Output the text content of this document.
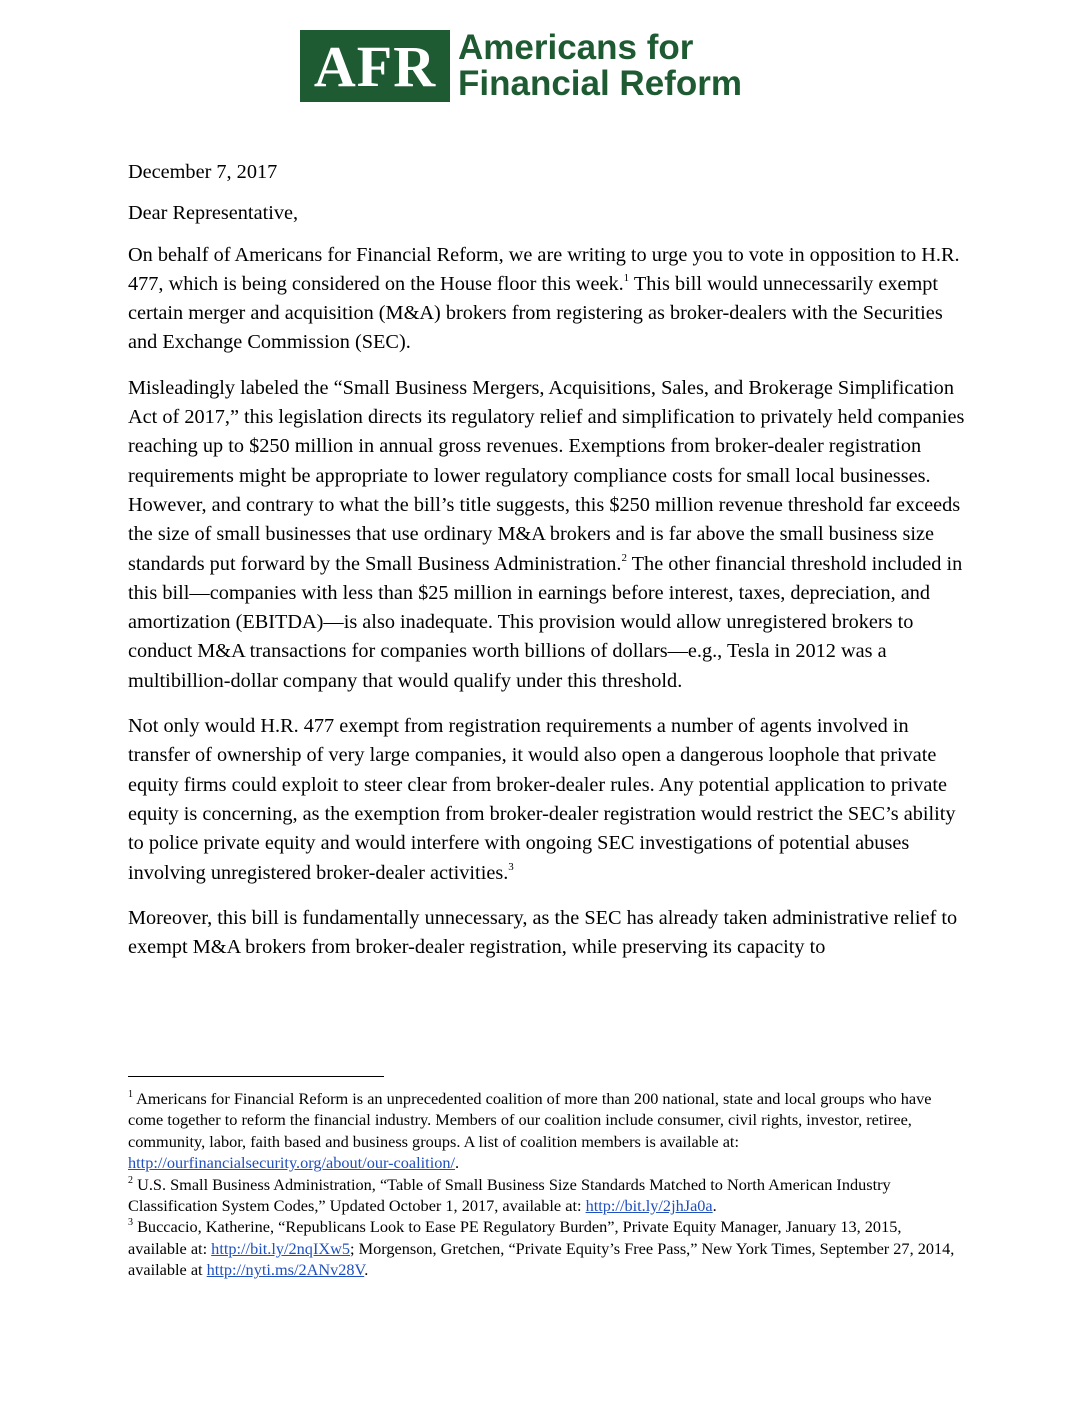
AFR Americans for
Financial Reform

December 7, 2017

Dear Representative,

On behalf of Americans for Financial Reform, we are writing to urge you to vote in opposition to H.R. 477, which is being considered on the House floor this week.$^1$ This bill would unnecessarily exempt certain merger and acquisition (M&A) brokers from registering as broker-dealers with the Securities and Exchange Commission (SEC).

Misleadingly labeled the “Small Business Mergers, Acquisitions, Sales, and Brokerage Simplification Act of 2017,” this legislation directs its regulatory relief and simplification to privately held companies reaching up to $250 million in annual gross revenues. Exemptions from broker-dealer registration requirements might be appropriate to lower regulatory compliance costs for small local businesses. However, and contrary to what the bill’s title suggests, this $250 million revenue threshold far exceeds the size of small businesses that use ordinary M&A brokers and is far above the small business size standards put forward by the Small Business Administration.$^2$ The other financial threshold included in this bill—companies with less than $25 million in earnings before interest, taxes, depreciation, and amortization (EBITDA)—is also inadequate. This provision would allow unregistered brokers to conduct M&A transactions for companies worth billions of dollars—e.g., Tesla in 2012 was a multibillion-dollar company that would qualify under this threshold.

Not only would H.R. 477 exempt from registration requirements a number of agents involved in transfer of ownership of very large companies, it would also open a dangerous loophole that private equity firms could exploit to steer clear from broker-dealer rules. Any potential application to private equity is concerning, as the exemption from broker-dealer registration would restrict the SEC’s ability to police private equity and would interfere with ongoing SEC investigations of potential abuses involving unregistered broker-dealer activities.$^3$

Moreover, this bill is fundamentally unnecessary, as the SEC has already taken administrative relief to exempt M&A brokers from broker-dealer registration, while preserving its capacity to

$^1$ Americans for Financial Reform is an unprecedented coalition of more than 200 national, state and local groups who have come together to reform the financial industry. Members of our coalition include consumer, civil rights, investor, retiree, community, labor, faith based and business groups. A list of coalition members is available at: http://ourfinancialsecurity.org/about/our-coalition/.
$^2$ U.S. Small Business Administration, “Table of Small Business Size Standards Matched to North American Industry Classification System Codes,” Updated October 1, 2017, available at: http://bit.ly/2jhJa0a.
$^3$ Buccacio, Katherine, “Republicans Look to Ease PE Regulatory Burden”, Private Equity Manager, January 13, 2015, available at: http://bit.ly/2nqIXw5; Morgenson, Gretchen, “Private Equity’s Free Pass,” New York Times, September 27, 2014, available at http://nyti.ms/2ANv28V.
